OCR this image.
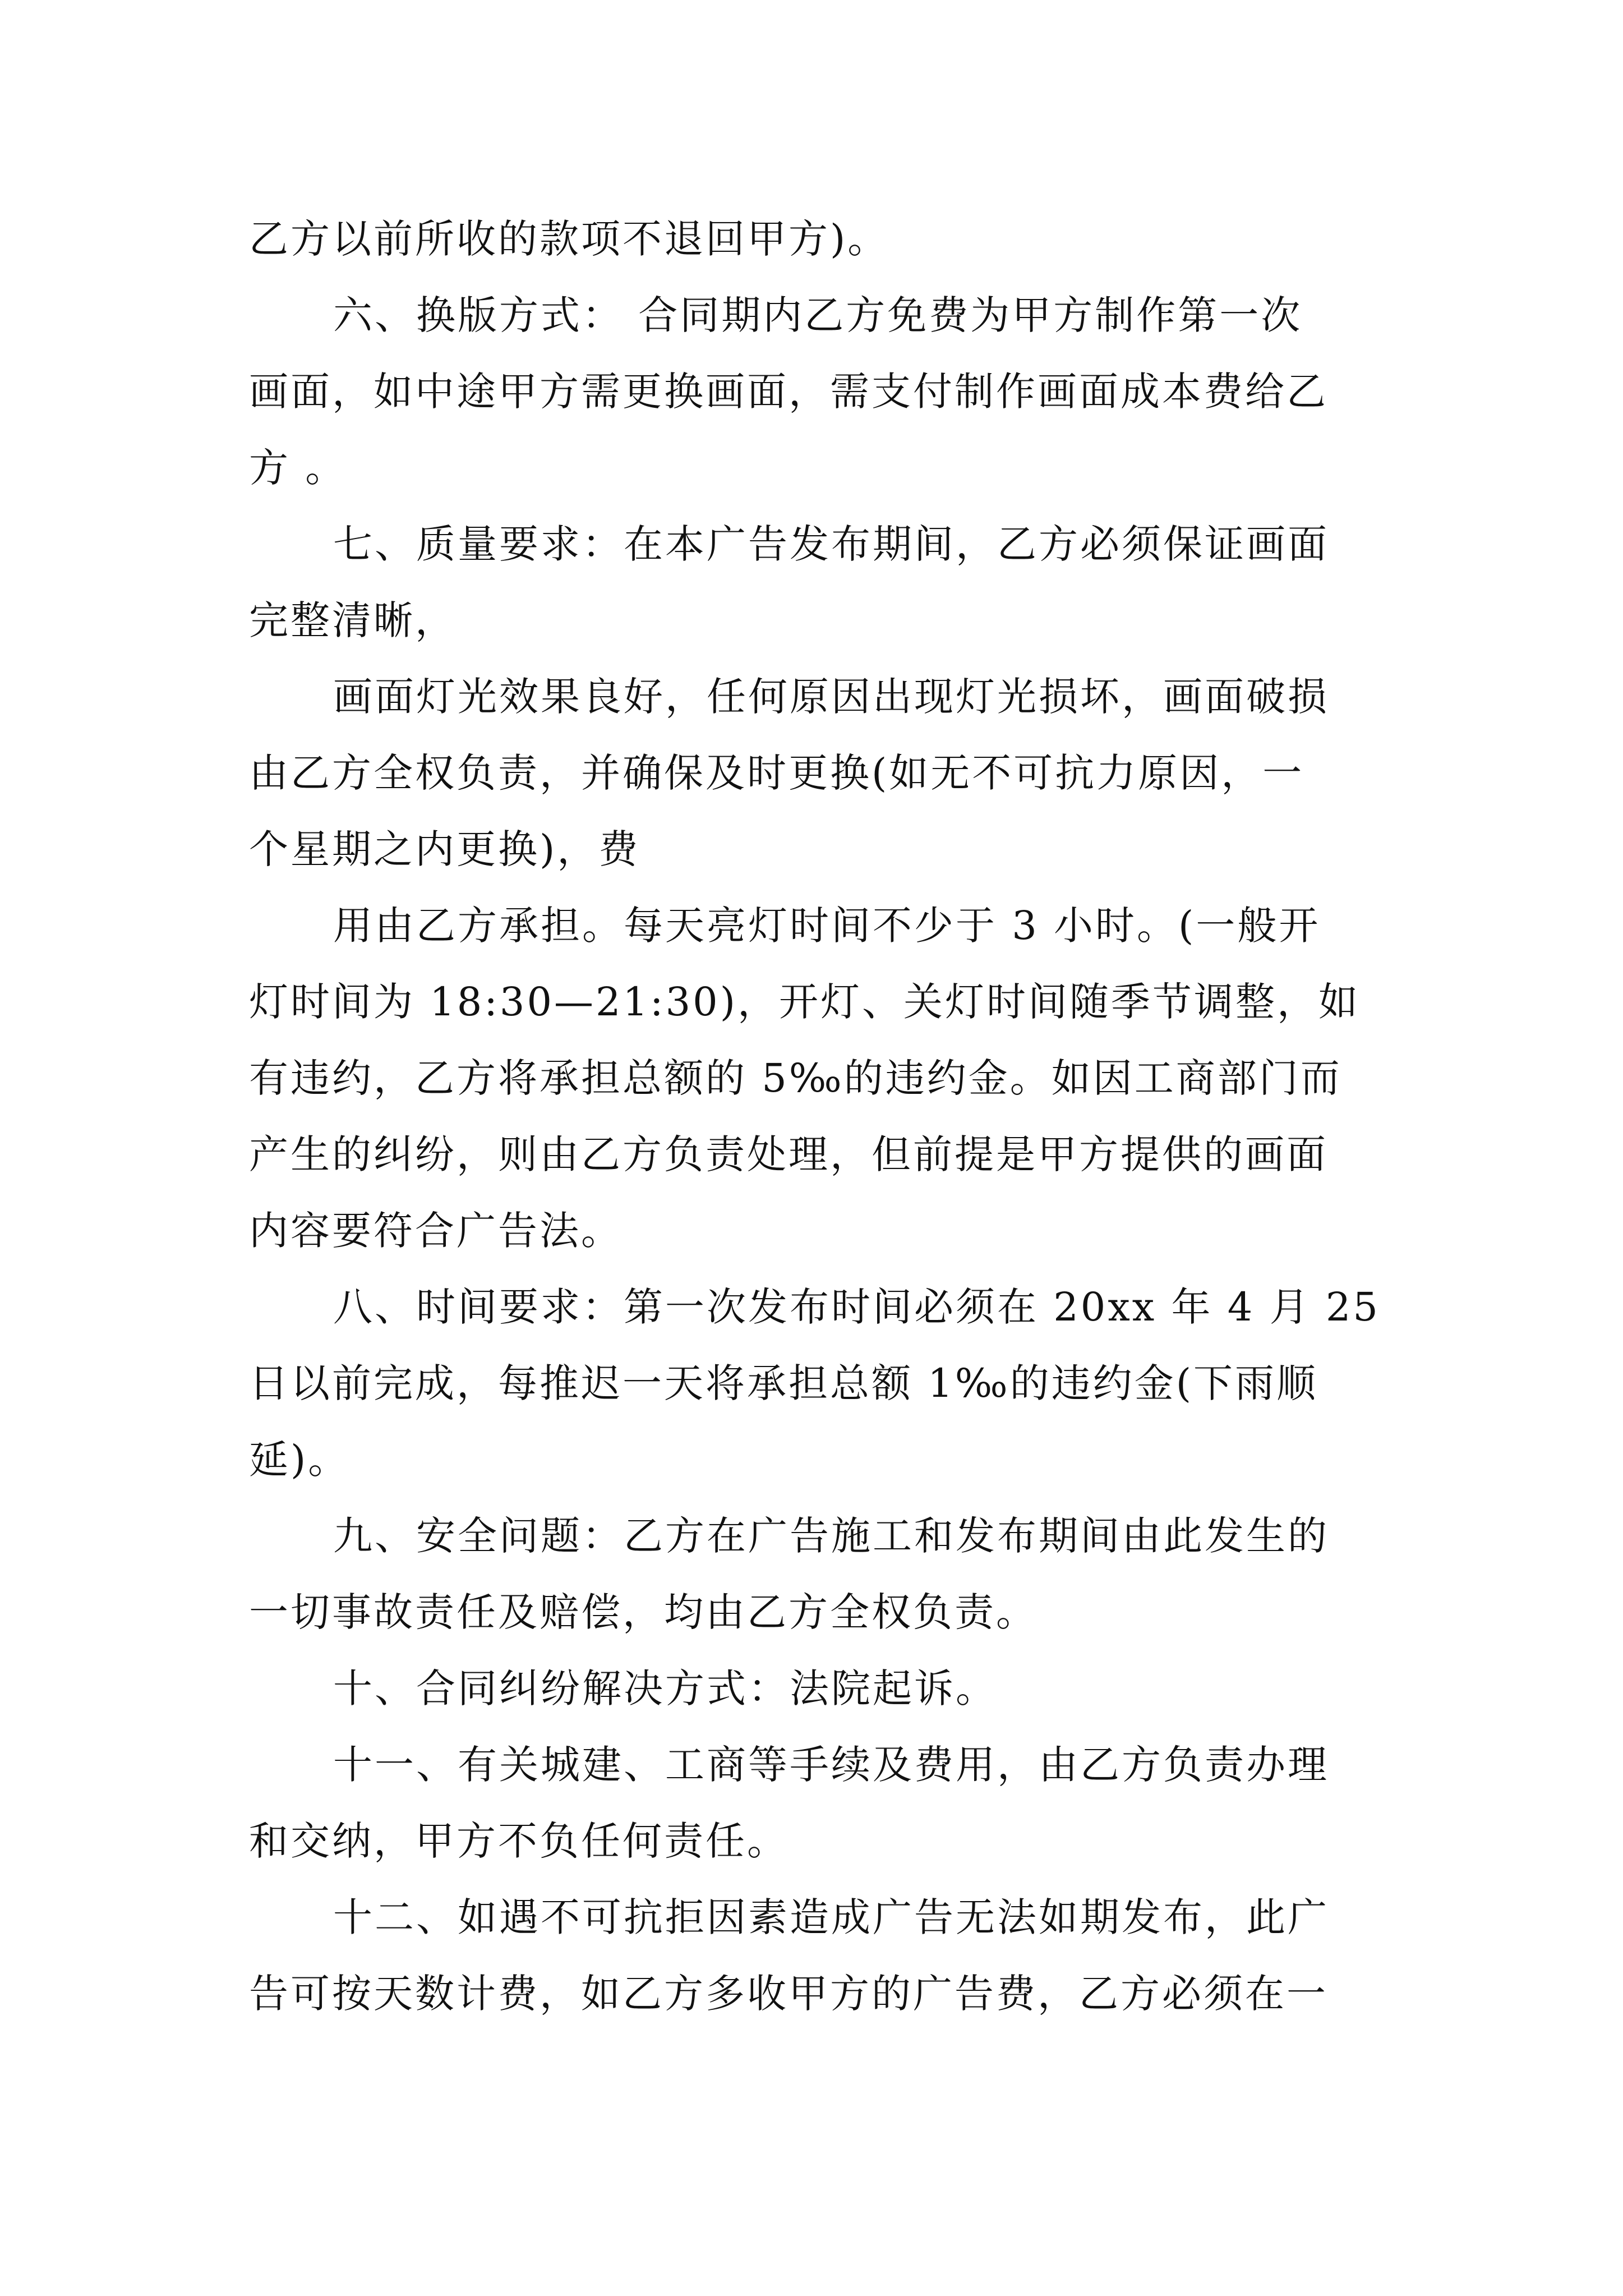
乙方以前所收的款项不退回甲方)。
六、换版方式： 合同期内乙方免费为甲方制作第一次
画面，如中途甲方需更换画面，需支付制作画面成本费给乙
方 。
七、质量要求：在本广告发布期间，乙方必须保证画面
完整清晰，
画面灯光效果良好，任何原因出现灯光损坏，画面破损
由乙方全权负责，并确保及时更换(如无不可抗力原因，一
个星期之内更换)，费
用由乙方承担。每天亮灯时间不少于 3 小时。(一般开
灯时间为 18:30—21:30)，开灯、关灯时间随季节调整，如
有违约，乙方将承担总额的 5‰的违约金。如因工商部门而
产生的纠纷，则由乙方负责处理，但前提是甲方提供的画面
内容要符合广告法。
八、时间要求：第一次发布时间必须在 20xx 年 4 月 25
日以前完成，每推迟一天将承担总额 1‰的违约金(下雨顺
延)。
九、安全问题：乙方在广告施工和发布期间由此发生的
一切事故责任及赔偿，均由乙方全权负责。
十、合同纠纷解决方式：法院起诉。
十一、有关城建、工商等手续及费用，由乙方负责办理
和交纳，甲方不负任何责任。
十二、如遇不可抗拒因素造成广告无法如期发布，此广
告可按天数计费，如乙方多收甲方的广告费，乙方必须在一
